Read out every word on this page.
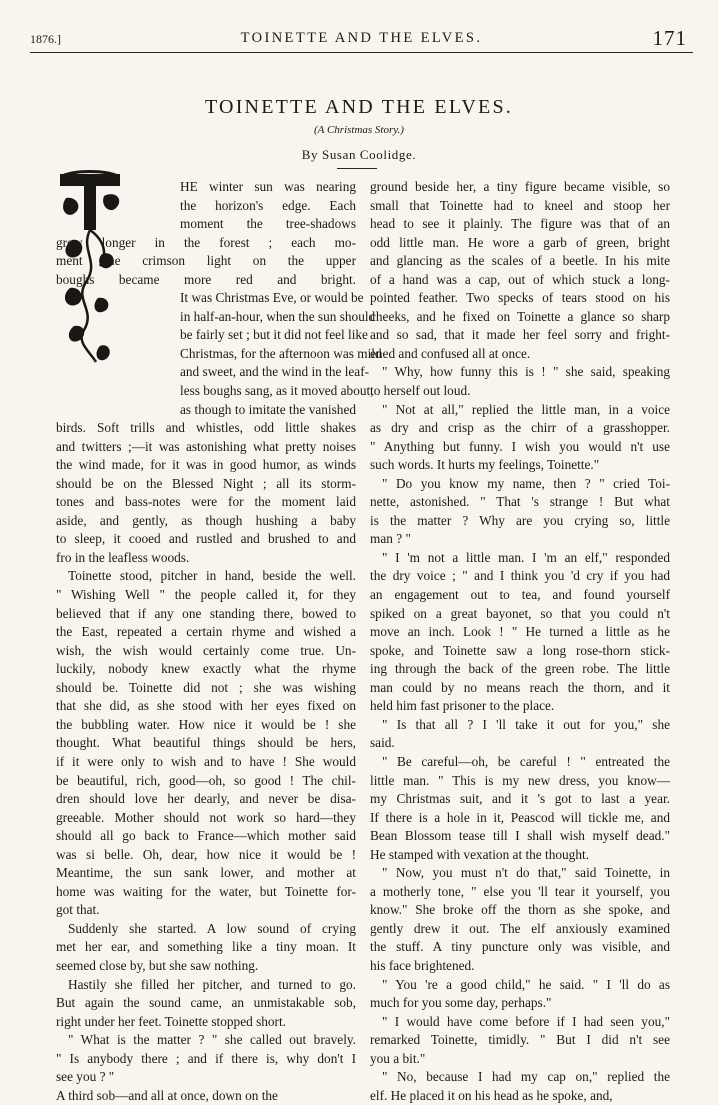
1876.]	TOINETTE AND THE ELVES.	171
TOINETTE AND THE ELVES.
(A Christmas Story.)
By Susan Coolidge.
HE winter sun was nearing
the horizon's edge. Each
moment the tree-shadows
grew longer in the forest ; each mo-
ment the crimson light on the upper
boughs became more red and bright.
It was Christmas Eve, or would be
in half-an-hour, when the sun should
be fairly set ; but it did not feel like
Christmas, for the afternoon was mild
and sweet, and the wind in the leaf-
less boughs sang, as it moved about,
as though to imitate the vanished
birds. Soft trills and whistles, odd little shakes
and twitters ;—it was astonishing what pretty noises
the wind made, for it was in good humor, as winds
should be on the Blessed Night ; all its storm-
tones and bass-notes were for the moment laid
aside, and gently, as though hushing a baby
to sleep, it cooed and rustled and brushed to and
fro in the leafless woods.
Toinette stood, pitcher in hand, beside the well.
" Wishing Well " the people called it, for they
believed that if any one standing there, bowed to
the East, repeated a certain rhyme and wished a
wish, the wish would certainly come true. Un-
luckily, nobody knew exactly what the rhyme
should be. Toinette did not ; she was wishing
that she did, as she stood with her eyes fixed on
the bubbling water. How nice it would be ! she
thought. What beautiful things should be hers,
if it were only to wish and to have ! She would
be beautiful, rich, good—oh, so good ! The chil-
dren should love her dearly, and never be disa-
greeable. Mother should not work so hard—they
should all go back to France—which mother said
was si belle. Oh, dear, how nice it would be !
Meantime, the sun sank lower, and mother at
home was waiting for the water, but Toinette for-
got that.
Suddenly she started. A low sound of crying
met her ear, and something like a tiny moan. It
seemed close by, but she saw nothing.
Hastily she filled her pitcher, and turned to go.
But again the sound came, an unmistakable sob,
right under her feet. Toinette stopped short.
" What is the matter ? " she called out bravely.
" Is anybody there ; and if there is, why don't I
see you ? "
A third sob—and all at once, down on the
ground beside her, a tiny figure became visible, so
small that Toinette had to kneel and stoop her
head to see it plainly. The figure was that of an
odd little man. He wore a garb of green, bright
and glancing as the scales of a beetle. In his mite
of a hand was a cap, out of which stuck a long-
pointed feather. Two specks of tears stood on his
cheeks, and he fixed on Toinette a glance so sharp
and so sad, that it made her feel sorry and fright-
ened and confused all at once.
" Why, how funny this is ! " she said, speaking
to herself out loud.
" Not at all," replied the little man, in a voice
as dry and crisp as the chirr of a grasshopper.
" Anything but funny. I wish you would n't use
such words. It hurts my feelings, Toinette."
" Do you know my name, then ? " cried Toi-
nette, astonished. " That 's strange ! But what
is the matter ? Why are you crying so, little
man ? "
" I 'm not a little man. I 'm an elf," responded
the dry voice ; " and I think you 'd cry if you had
an engagement out to tea, and found yourself
spiked on a great bayonet, so that you could n't
move an inch. Look ! " He turned a little as he
spoke, and Toinette saw a long rose-thorn stick-
ing through the back of the green robe. The little
man could by no means reach the thorn, and it
held him fast prisoner to the place.
" Is that all ? I 'll take it out for you," she
said.
" Be careful—oh, be careful ! " entreated the
little man. " This is my new dress, you know—
my Christmas suit, and it 's got to last a year.
If there is a hole in it, Peascod will tickle me, and
Bean Blossom tease till I shall wish myself dead."
He stamped with vexation at the thought.
" Now, you must n't do that," said Toinette, in
a motherly tone, " else you 'll tear it yourself, you
know." She broke off the thorn as she spoke, and
gently drew it out. The elf anxiously examined
the stuff. A tiny puncture only was visible, and
his face brightened.
" You 're a good child," he said. " I 'll do as
much for you some day, perhaps."
" I would have come before if I had seen you,"
remarked Toinette, timidly. " But I did n't see
you a bit."
" No, because I had my cap on," replied the
elf. He placed it on his head as he spoke, and,
